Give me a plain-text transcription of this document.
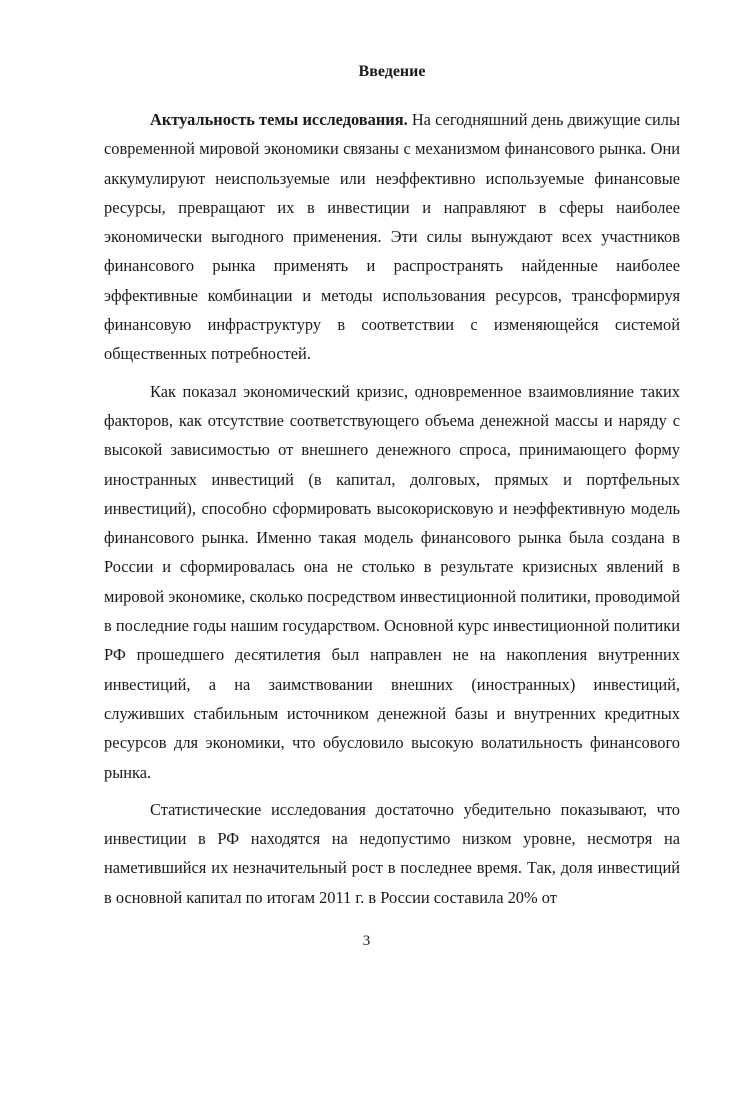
Введение

Актуальность темы исследования. На сегодняшний день движущие силы современной мировой экономики связаны с механизмом финансового рынка. Они аккумулируют неиспользуемые или неэффективно используемые финансовые ресурсы, превращают их в инвестиции и направляют в сферы наиболее экономически выгодного применения. Эти силы вынуждают всех участников финансового рынка применять и распространять найденные наиболее эффективные комбинации и методы использования ресурсов, трансформируя финансовую инфраструктуру в соответствии с изменяющейся системой общественных потребностей.

Как показал экономический кризис, одновременное взаимовлияние таких факторов, как отсутствие соответствующего объема денежной массы и наряду с высокой зависимостью от внешнего денежного спроса, принимающего форму иностранных инвестиций (в капитал, долговых, прямых и портфельных инвестиций), способно сформировать высокорисковую и неэффективную модель финансового рынка. Именно такая модель финансового рынка была создана в России и сформировалась она не столько в результате кризисных явлений в мировой экономике, сколько посредством инвестиционной политики, проводимой в последние годы нашим государством. Основной курс инвестиционной политики РФ прошедшего десятилетия был направлен не на накопления внутренних инвестиций, а на заимствовании внешних (иностранных) инвестиций, служивших стабильным источником денежной базы и внутренних кредитных ресурсов для экономики, что обусловило высокую волатильность финансового рынка.

Статистические исследования достаточно убедительно показывают, что инвестиции в РФ находятся на недопустимо низком уровне, несмотря на наметившийся их незначительный рост в последнее время. Так, доля инвестиций в основной капитал по итогам 2011 г. в России составила 20% от

3
